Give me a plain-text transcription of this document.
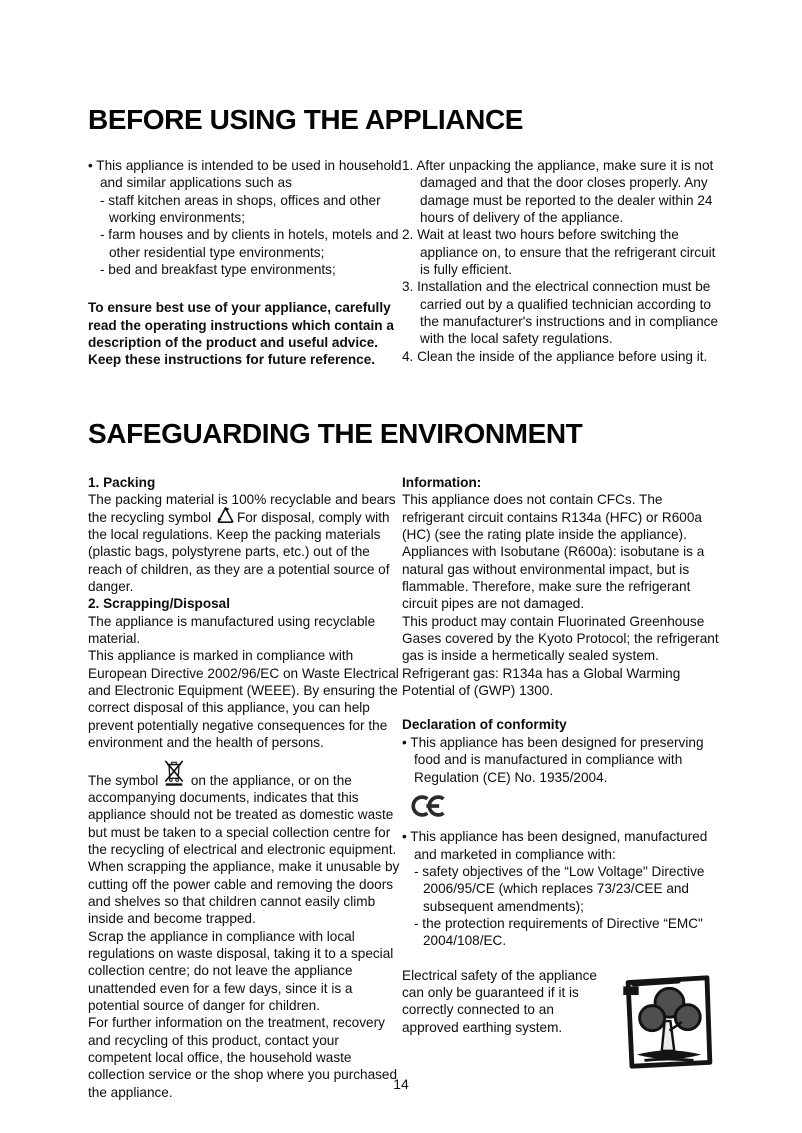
BEFORE USING THE APPLIANCE
• This appliance is intended to be used in household and similar applications such as
- staff kitchen areas in shops, offices and other working environments;
- farm houses and by clients in hotels, motels and other residential type environments;
- bed and breakfast type environments;
To ensure best use of your appliance, carefully read the operating instructions which contain a description of the product and useful advice.
Keep these instructions for future reference.
1. After unpacking the appliance, make sure it is not damaged and that the door closes properly. Any damage must be reported to the dealer within 24 hours of delivery of the appliance.
2. Wait at least two hours before switching the appliance on, to ensure that the refrigerant circuit is fully efficient.
3. Installation and the electrical connection must be carried out by a qualified technician according to the manufacturer's instructions and in compliance with the local safety regulations.
4. Clean the inside of the appliance before using it.
SAFEGUARDING THE ENVIRONMENT
1. Packing

The packing material is 100% recyclable and bears the recycling symbol For disposal, comply with the local regulations. Keep the packing materials (plastic bags, polystyrene parts, etc.) out of the reach of children, as they are a potential source of danger.

2. Scrapping/Disposal

The appliance is manufactured using recyclable material.

This appliance is marked in compliance with European Directive 2002/96/EC on Waste Electrical and Electronic Equipment (WEEE). By ensuring the correct disposal of this appliance, you can help prevent potentially negative consequences for the environment and the health of persons.

The symbol on the appliance, or on the accompanying documents, indicates that this appliance should not be treated as domestic waste but must be taken to a special collection centre for the recycling of electrical and electronic equipment. When scrapping the appliance, make it unusable by cutting off the power cable and removing the doors and shelves so that children cannot easily climb inside and become trapped.

Scrap the appliance in compliance with local regulations on waste disposal, taking it to a special collection centre; do not leave the appliance unattended even for a few days, since it is a potential source of danger for children.

For further information on the treatment, recovery and recycling of this product, contact your competent local office, the household waste collection service or the shop where you purchased the appliance.

Information:

This appliance does not contain CFCs. The refrigerant circuit contains R134a (HFC) or R600a (HC) (see the rating plate inside the appliance).

Appliances with Isobutane (R600a): isobutane is a natural gas without environmental impact, but is flammable. Therefore, make sure the refrigerant circuit pipes are not damaged.

This product may contain Fluorinated Greenhouse Gases covered by the Kyoto Protocol; the refrigerant gas is inside a hermetically sealed system.

Refrigerant gas: R134a has a Global Warming Potential of (GWP) 1300.

Declaration of conformity
• This appliance has been designed for preserving food and is manufactured in compliance with Regulation (CE) No. 1935/2004.
• This appliance has been designed, manufactured and marketed in compliance with:
- safety objectives of the “Low Voltage" Directive 2006/95/CE (which replaces 73/23/CEE and subsequent amendments);
- the protection requirements of Directive “EMC" 2004/108/EC.
Electrical safety of the appliance can only be guaranteed if it is correctly connected to an approved earthing system.
14
